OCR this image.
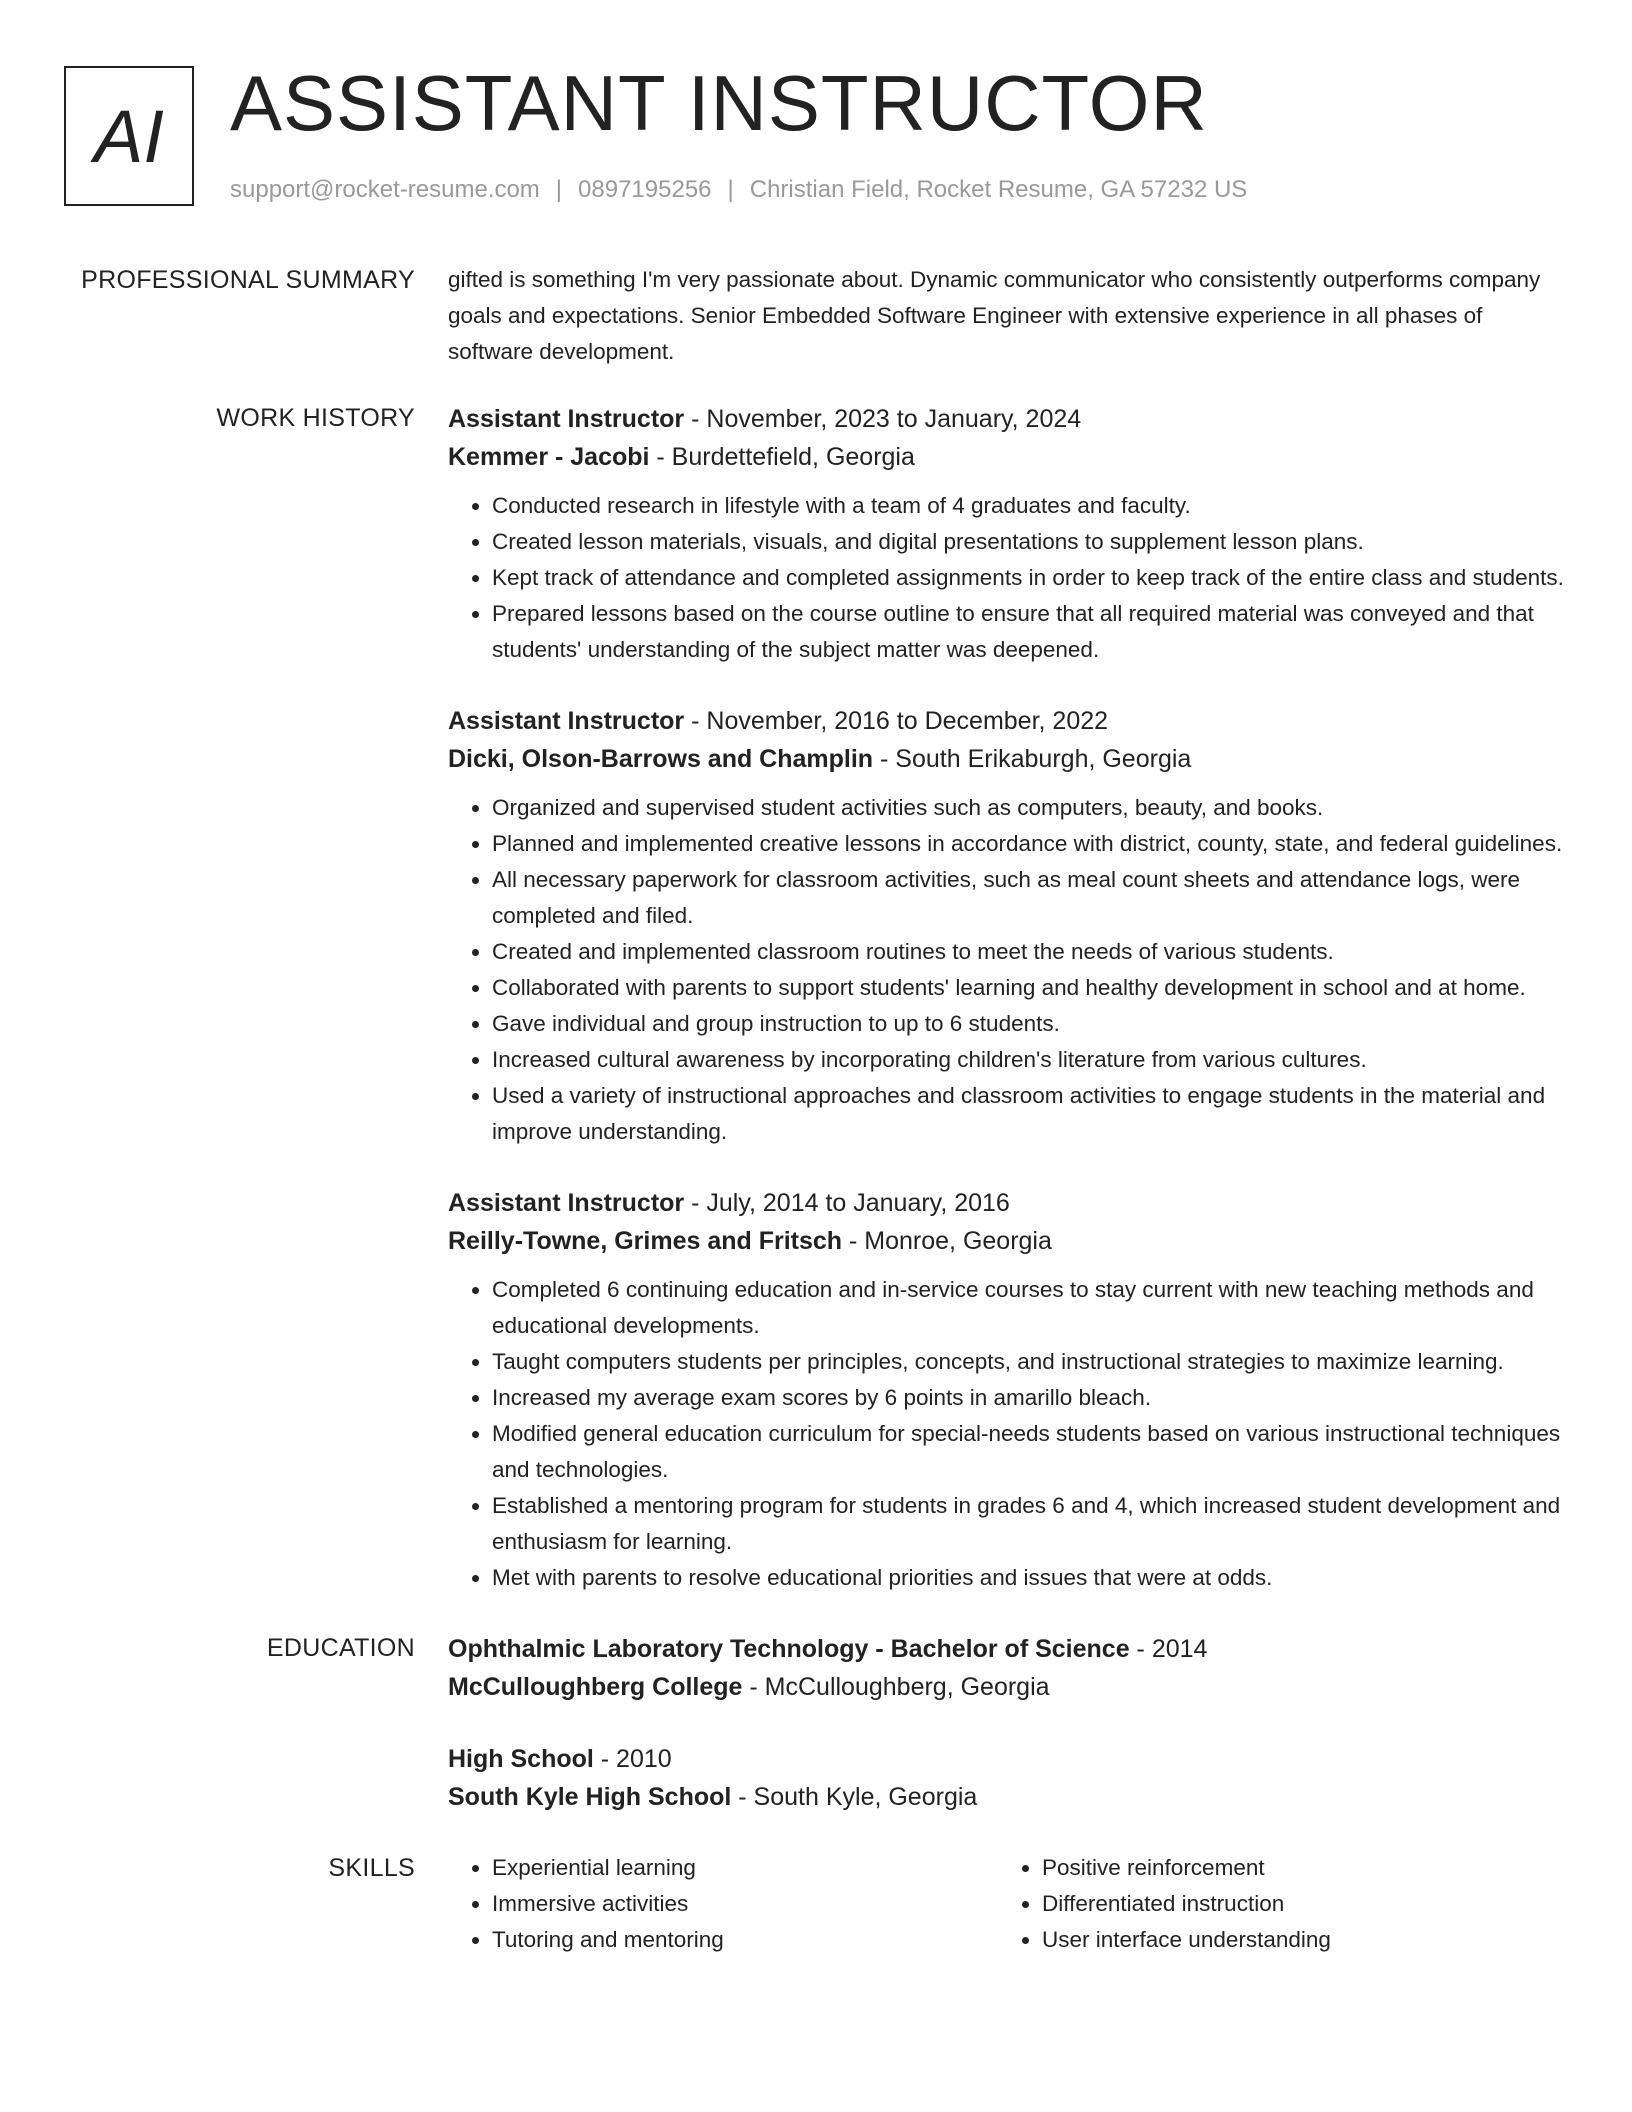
AI ASSISTANT INSTRUCTOR
support@rocket-resume.com | 0897195256 | Christian Field, Rocket Resume, GA 57232 US
PROFESSIONAL SUMMARY gifted is something I'm very passionate about. Dynamic communicator who consistently outperforms company goals and expectations. Senior Embedded Software Engineer with extensive experience in all phases of software development.

WORK HISTORY Assistant Instructor - November, 2023 to January, 2024
Kemmer - Jacobi - Burdettefield, Georgia
• Conducted research in lifestyle with a team of 4 graduates and faculty.
• Created lesson materials, visuals, and digital presentations to supplement lesson plans.
• Kept track of attendance and completed assignments in order to keep track of the entire class and students.
• Prepared lessons based on the course outline to ensure that all required material was conveyed and that students' understanding of the subject matter was deepened.
Assistant Instructor - November, 2016 to December, 2022
Dicki, Olson-Barrows and Champlin - South Erikaburgh, Georgia
• Organized and supervised student activities such as computers, beauty, and books.
• Planned and implemented creative lessons in accordance with district, county, state, and federal guidelines.
• All necessary paperwork for classroom activities, such as meal count sheets and attendance logs, were completed and filed.
• Created and implemented classroom routines to meet the needs of various students.
• Collaborated with parents to support students' learning and healthy development in school and at home.
• Gave individual and group instruction to up to 6 students.
• Increased cultural awareness by incorporating children's literature from various cultures.
• Used a variety of instructional approaches and classroom activities to engage students in the material and improve understanding.
Assistant Instructor - July, 2014 to January, 2016
Reilly-Towne, Grimes and Fritsch - Monroe, Georgia
• Completed 6 continuing education and in-service courses to stay current with new teaching methods and educational developments.
• Taught computers students per principles, concepts, and instructional strategies to maximize learning.
• Increased my average exam scores by 6 points in amarillo bleach.
• Modified general education curriculum for special-needs students based on various instructional techniques and technologies.
• Established a mentoring program for students in grades 6 and 4, which increased student development and enthusiasm for learning.
• Met with parents to resolve educational priorities and issues that were at odds.
EDUCATION Ophthalmic Laboratory Technology - Bachelor of Science - 2014
McCulloughberg College - McCulloughberg, Georgia
High School - 2010
South Kyle High School - South Kyle, Georgia
SKILLS
•	Experiential learning
• Immersive activities
• Tutoring and mentoring
• Positive reinforcement
• Differentiated instruction
• User interface understanding
